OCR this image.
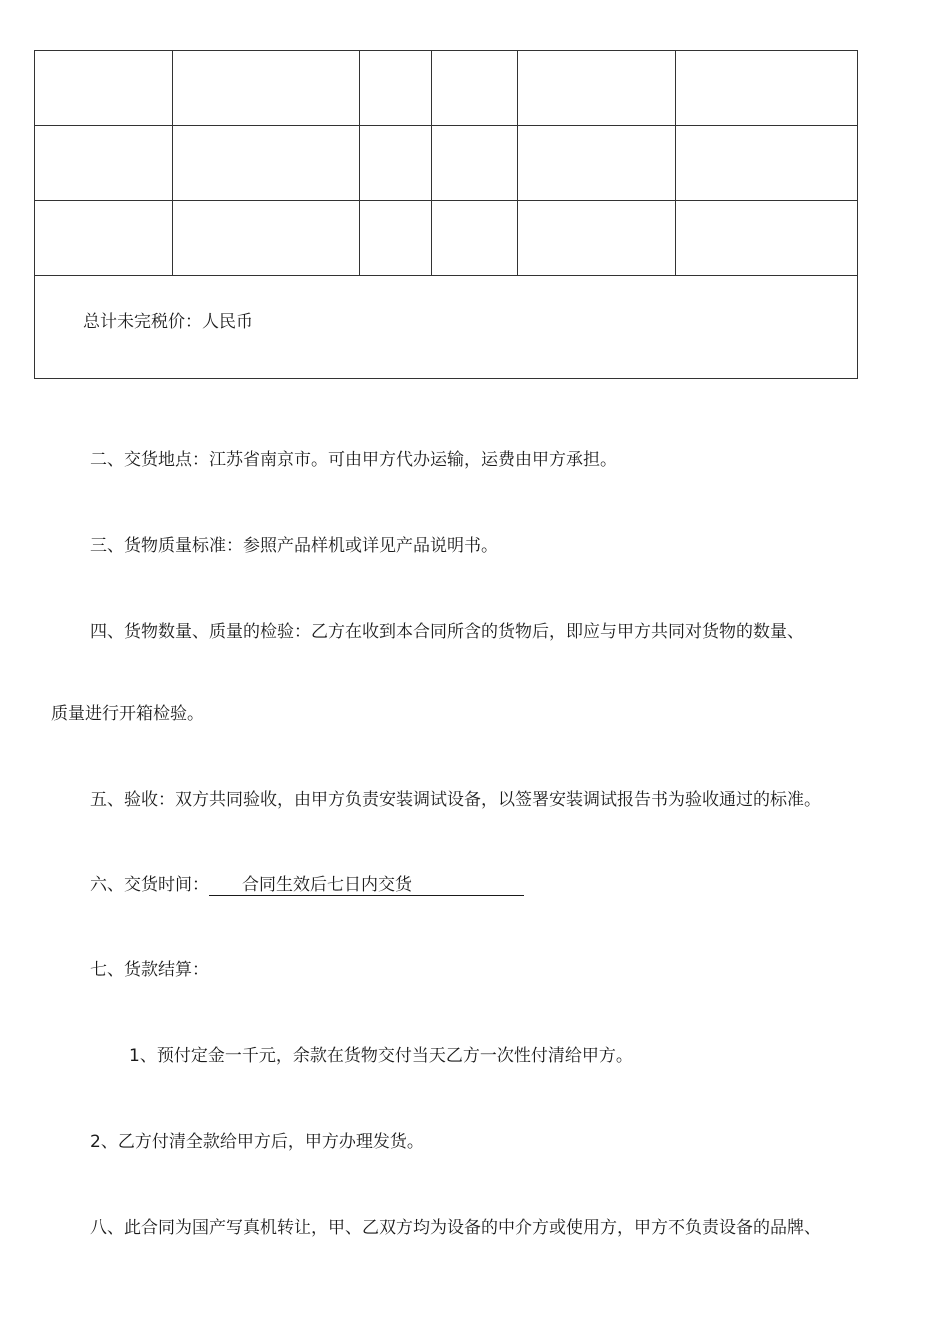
总计未完税价：人民币					
二、交货地点：江苏省南京市。可由甲方代办运输，运费由甲方承担。
三、货物质量标准：参照产品样机或详见产品说明书。
四、货物数量、质量的检验：乙方在收到本合同所含的货物后，即应与甲方共同对货物的数量、
质量进行开箱检验。
五、验收：双方共同验收，由甲方负责安装调试设备，以签署安装调试报告书为验收通过的标准。
六、交货时间： 合同生效后七日内交货
七、货款结算：
1、预付定金一千元，余款在货物交付当天乙方一次性付清给甲方。
2、乙方付清全款给甲方后，甲方办理发货。
八、此合同为国产写真机转让，甲、乙双方均为设备的中介方或使用方，甲方不负责设备的品牌、
